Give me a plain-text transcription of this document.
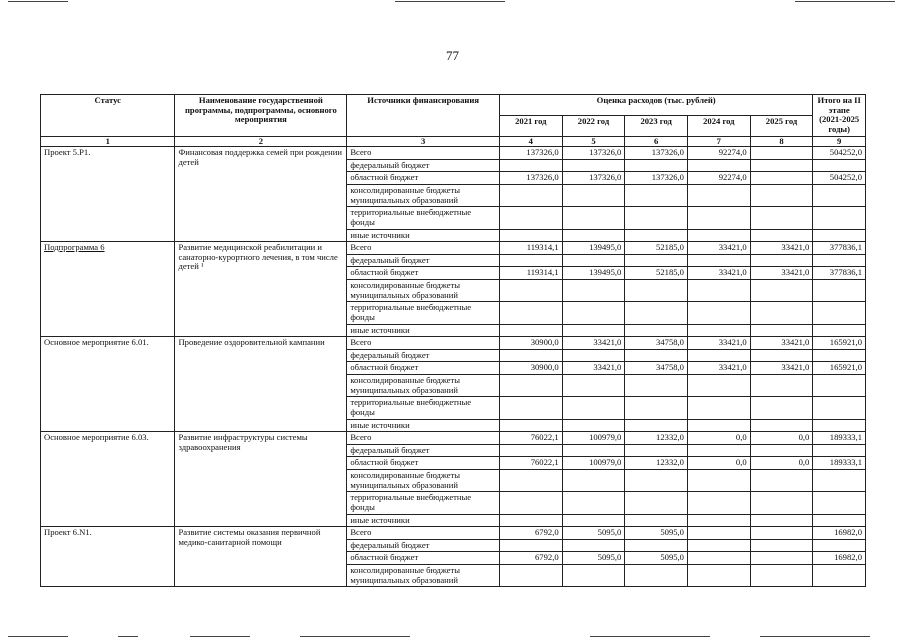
77
Статус	Наименование государственной программы, подпрограммы, основного мероприятия	Источники финансирования	Оценка расходов (тыс. рублей)					Итого на II этапе (2021-2025 годы)
			2021 год	2022 год	2023 год	2024 год	2025 год	
1	2	3	4	5	6	7	8	9
Проект 5.Р1.	Финансовая поддержка семей при рождении детей	Всего	137326,0	137326,0	137326,0	92274,0		504252,0
		федеральный бюджет						
		областной бюджет	137326,0	137326,0	137326,0	92274,0		504252,0
		консолидированные бюджеты муниципальных образований						
		территориальные внебюджетные фонды						
		иные источники						
Подпрограмма 6	Развитие медицинской реабилитации и санаторно-курортного лечения, в том числе детей ¹	Всего	119314,1	139495,0	52185,0	33421,0	33421,0	377836,1
		федеральный бюджет						
		областной бюджет	119314,1	139495,0	52185,0	33421,0	33421,0	377836,1
		консолидированные бюджеты муниципальных образований						
		территориальные внебюджетные фонды						
		иные источники						
Основное мероприятие 6.01.	Проведение оздоровительной кампании	Всего	30900,0	33421,0	34758,0	33421,0	33421,0	165921,0
		федеральный бюджет						
		областной бюджет	30900,0	33421,0	34758,0	33421,0	33421,0	165921,0
		консолидированные бюджеты муниципальных образований						
		территориальные внебюджетные фонды						
		иные источники						
Основное мероприятие 6.03.	Развитие инфраструктуры системы здравоохранения	Всего	76022,1	100979,0	12332,0	0,0	0,0	189333,1
		федеральный бюджет						
		областной бюджет	76022,1	100979,0	12332,0	0,0	0,0	189333,1
		консолидированные бюджеты муниципальных образований						
		территориальные внебюджетные фонды						
		иные источники						
Проект 6.N1.	Развитие системы оказания первичной медико-санитарной помощи	Всего	6792,0	5095,0	5095,0			16982,0
		федеральный бюджет						
		областной бюджет	6792,0	5095,0	5095,0			16982,0
		консолидированные бюджеты муниципальных образований						
